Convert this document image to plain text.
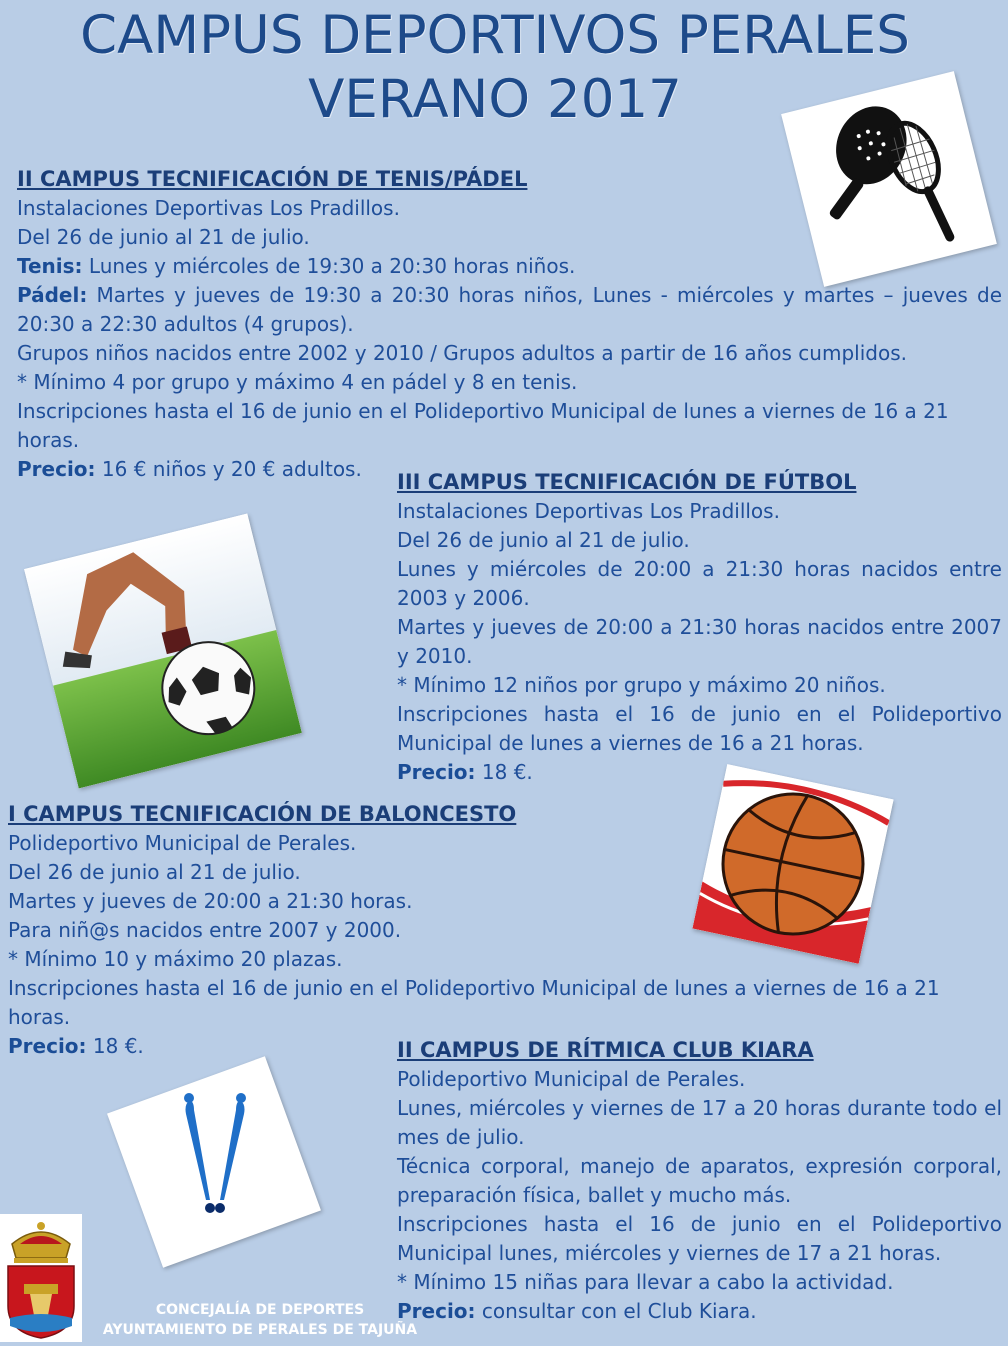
CAMPUS DEPORTIVOS PERALES
VERANO 2017
II CAMPUS TECNIFICACIÓN DE TENIS/PÁDEL

Instalaciones Deportivas Los Pradillos.

Del 26 de junio al 21 de julio.

Tenis: Lunes y miércoles de 19:30 a 20:30 horas niños.

Pádel: Martes y jueves de 19:30 a 20:30 horas niños, Lunes - miércoles y martes – jueves de 20:30 a 22:30 adultos (4 grupos).

Grupos niños nacidos entre 2002 y 2010 / Grupos adultos a partir de 16 años cumplidos.

* Mínimo 4 por grupo y máximo 4 en pádel y 8 en tenis.

Inscripciones hasta el 16 de junio en el Polideportivo Municipal de lunes a viernes de 16 a 21 horas.

Precio: 16 € niños y 20 € adultos.

III CAMPUS TECNIFICACIÓN DE FÚTBOL

Instalaciones Deportivas Los Pradillos.

Del 26 de junio al 21 de julio.

Lunes y miércoles de 20:00 a 21:30 horas nacidos entre 2003 y 2006.

Martes y jueves de 20:00 a 21:30 horas nacidos entre 2007 y 2010.

* Mínimo 12 niños por grupo y máximo 20 niños.

Inscripciones hasta el 16 de junio en el Polideportivo Municipal de lunes a viernes de 16 a 21 horas.

Precio: 18 €.

I CAMPUS TECNIFICACIÓN DE BALONCESTO

Polideportivo Municipal de Perales.

Del 26 de junio al 21 de julio.

Martes y jueves de 20:00 a 21:30 horas.

Para niñ@s nacidos entre 2007 y 2000.

* Mínimo 10 y máximo 20 plazas.

Inscripciones hasta el 16 de junio en el Polideportivo Municipal de lunes a viernes de 16 a 21 horas.

Precio: 18 €.	II CAMPUS DE RÍTMICA CLUB KIARA

Polideportivo Municipal de Perales.

Lunes, miércoles y viernes de 17 a 20 horas durante todo el mes de julio.

Técnica corporal, manejo de aparatos, expresión corporal, preparación física, ballet y mucho más.

Inscripciones hasta el 16 de junio en el Polideportivo Municipal lunes, miércoles y viernes de 17 a 21 horas.

* Mínimo 15 niñas para llevar a cabo la actividad.

Precio: consultar con el Club Kiara.

CONCEJALÍA DE DEPORTES
AYUNTAMIENTO DE PERALES DE TAJUÑA
